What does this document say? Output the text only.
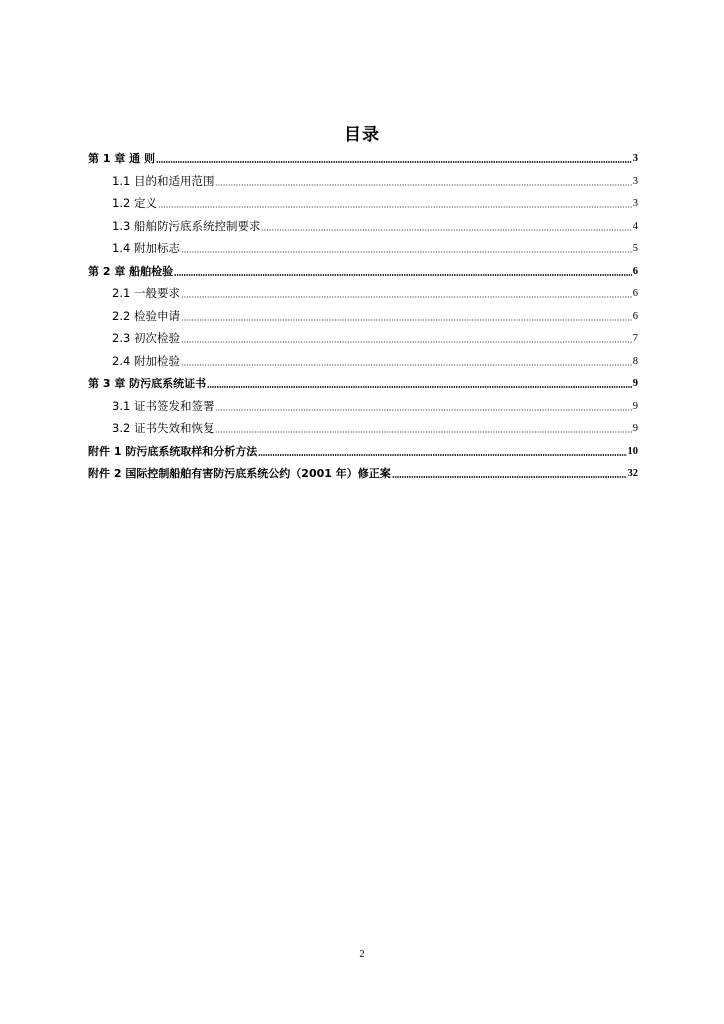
目录
第 1 章 通 则	3
1.1 目的和适用范围	3
1.2 定义	3
1.3 船舶防污底系统控制要求	4
1.4 附加标志	5
第 2 章 船舶检验	6
2.1 一般要求	6
2.2 检验申请	6
2.3 初次检验	7
2.4 附加检验	8
第 3 章 防污底系统证书	9
3.1 证书签发和签署	9
3.2 证书失效和恢复	9
附件 1 防污底系统取样和分析方法	10
附件 2 国际控制船舶有害防污底系统公约（2001 年）修正案	32
2
